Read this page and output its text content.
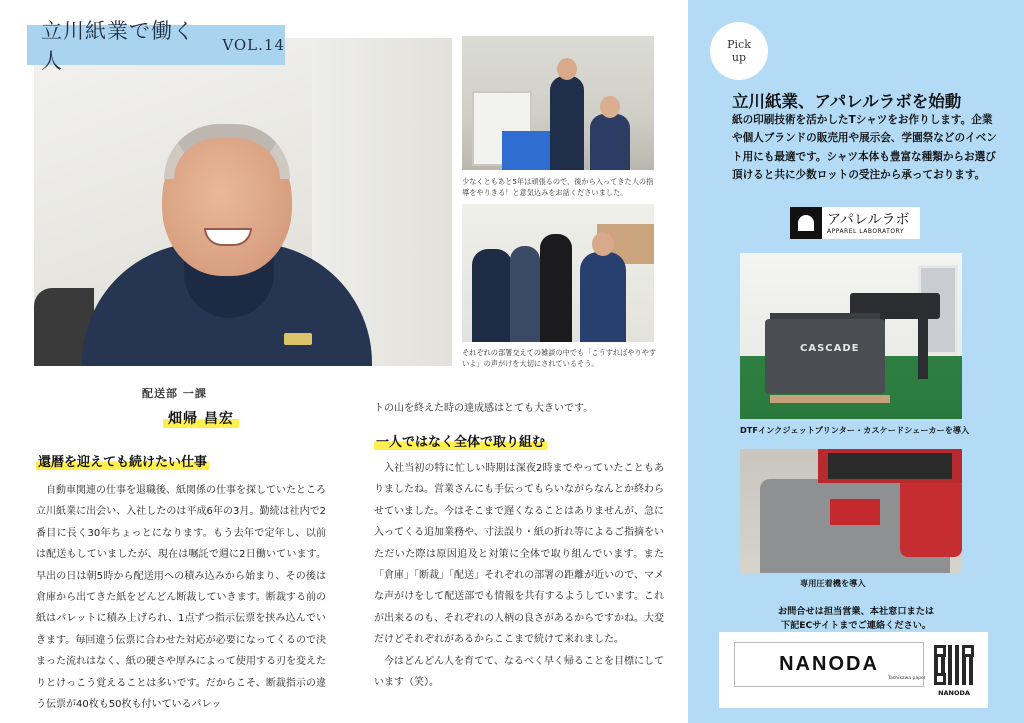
立川紙業で働く人
VOL.14
少なくともあと5年は頑張るので、後から入ってきた人の指導をやりきる！と意気込みをお話くださいました。
それぞれの部署交えての雑談の中でも「こうすればやりやすいよ」の声がけを大切にされているそう。
配送部 一課
畑帰 昌宏
還暦を迎えても続けたい仕事
自動車関連の仕事を退職後、紙関係の仕事を探していたところ立川紙業に出会い、入社したのは平成6年の3月。勤続は社内で2番目に長く30年ちょっとになります。もう去年で定年し、以前は配送もしていましたが、現在は嘱託で週に2日働いています。早出の日は朝5時から配送用への積み込みから始まり、その後は倉庫から出てきた紙をどんどん断裁していきます。断裁する前の紙はパレットに積み上げられ、1点ずつ指示伝票を挟み込んでいきます。毎回違う伝票に合わせた対応が必要になってくるので決まった流れはなく、紙の硬さや厚みによって使用する刃を変えたりとけっこう覚えることは多いです。だからこそ、断裁指示の違う伝票が40枚も50枚も付いているパレッ
トの山を終えた時の達成感はとても大きいです。
一人ではなく全体で取り組む

入社当初の特に忙しい時期は深夜2時までやっていたこともありましたね。営業さんにも手伝ってもらいながらなんとか終わらせていました。今はそこまで遅くなることはありませんが、急に入ってくる追加業務や、寸法誤り・紙の折れ等によるご指摘をいただいた際は原因追及と対策に全体で取り組んでいます。また「倉庫」「断裁」「配送」それぞれの部署の距離が近いので、マメな声がけをして配送部でも情報を共有するようしています。これが出来るのも、それぞれの人柄の良さがあるからですかね。大変だけどそれぞれがあるからここまで続けて来れました。

今はどんどん人を育てて、なるべく早く帰ることを目標にしています（笑）。

Pick
up
立川紙業、アパレルラボを始動
紙の印刷技術を活かしたTシャツをお作りします。企業や個人ブランドの販売用や展示会、学園祭などのイベント用にも最適です。シャツ本体も豊富な種類からお選び頂けると共に少数ロットの受注から承っております。
アパレルラボ
APPAREL LABORATORY
CASCADE
DTFインクジェットプリンター・カスケードシェーカーを導入
専用圧着機を導入
お問合せは担当営業、本社窓口または
下記ECサイトまでご連絡ください。
NANODA
Tachikawa paper
NANODA
